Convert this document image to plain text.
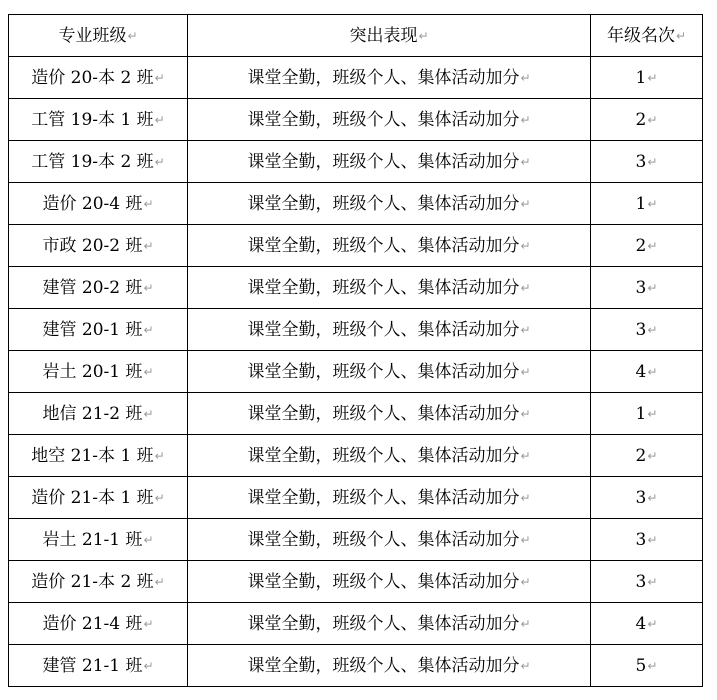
专业班级↵	突出表现↵	年级名次↵
造价 20-本 2 班↵	课堂全勤，班级个人、集体活动加分↵	1↵
工管 19-本 1 班↵	课堂全勤，班级个人、集体活动加分↵	2↵
工管 19-本 2 班↵	课堂全勤，班级个人、集体活动加分↵	3↵
造价 20-4 班↵	课堂全勤，班级个人、集体活动加分↵	1↵
市政 20-2 班↵	课堂全勤，班级个人、集体活动加分↵	2↵
建管 20-2 班↵	课堂全勤，班级个人、集体活动加分↵	3↵
建管 20-1 班↵	课堂全勤，班级个人、集体活动加分↵	3↵
岩土 20-1 班↵	课堂全勤，班级个人、集体活动加分↵	4↵
地信 21-2 班↵	课堂全勤，班级个人、集体活动加分↵	1↵
地空 21-本 1 班↵	课堂全勤，班级个人、集体活动加分↵	2↵
造价 21-本 1 班↵	课堂全勤，班级个人、集体活动加分↵	3↵
岩土 21-1 班↵	课堂全勤，班级个人、集体活动加分↵	3↵
造价 21-本 2 班↵	课堂全勤，班级个人、集体活动加分↵	3↵
造价 21-4 班↵	课堂全勤，班级个人、集体活动加分↵	4↵
建管 21-1 班↵	课堂全勤，班级个人、集体活动加分↵	5↵
